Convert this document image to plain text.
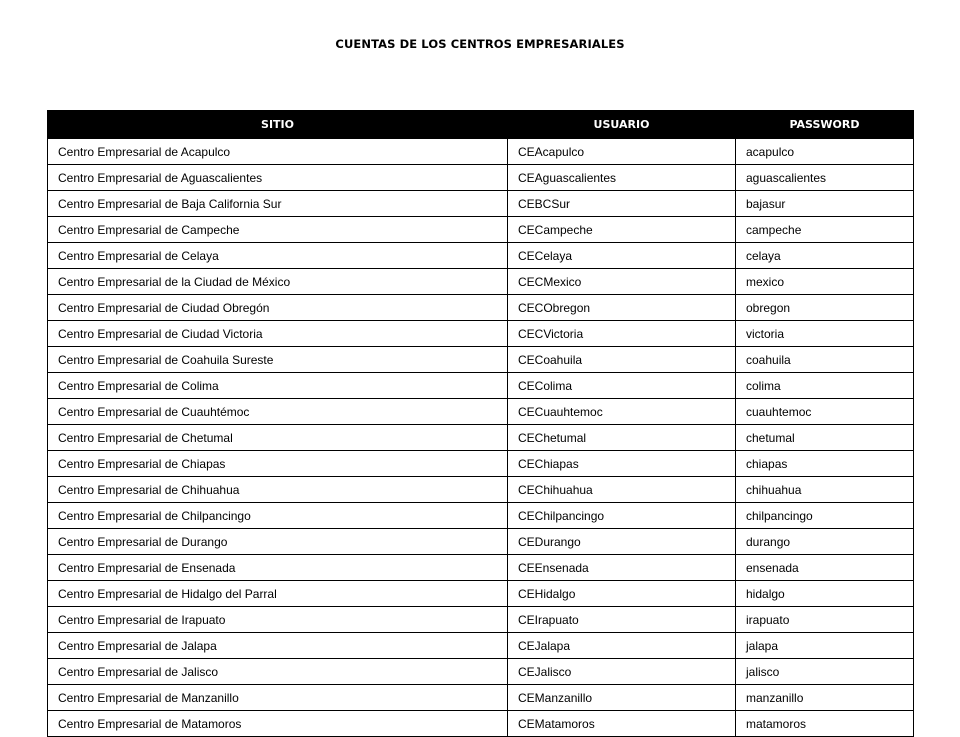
CUENTAS DE LOS CENTROS EMPRESARIALES
SITIO	USUARIO	PASSWORD
Centro Empresarial de Acapulco	CEAcapulco	acapulco
Centro Empresarial de Aguascalientes	CEAguascalientes	aguascalientes
Centro Empresarial de Baja California Sur	CEBCSur	bajasur
Centro Empresarial de Campeche	CECampeche	campeche
Centro Empresarial de Celaya	CECelaya	celaya
Centro Empresarial de la Ciudad de México	CECMexico	mexico
Centro Empresarial de Ciudad Obregón	CECObregon	obregon
Centro Empresarial de Ciudad Victoria	CECVictoria	victoria
Centro Empresarial de Coahuila Sureste	CECoahuila	coahuila
Centro Empresarial de Colima	CEColima	colima
Centro Empresarial de Cuauhtémoc	CECuauhtemoc	cuauhtemoc
Centro Empresarial de Chetumal	CEChetumal	chetumal
Centro Empresarial de Chiapas	CEChiapas	chiapas
Centro Empresarial de Chihuahua	CEChihuahua	chihuahua
Centro Empresarial de Chilpancingo	CEChilpancingo	chilpancingo
Centro Empresarial de Durango	CEDurango	durango
Centro Empresarial de Ensenada	CEEnsenada	ensenada
Centro Empresarial de Hidalgo del Parral	CEHidalgo	hidalgo
Centro Empresarial de Irapuato	CEIrapuato	irapuato
Centro Empresarial de Jalapa	CEJalapa	jalapa
Centro Empresarial de Jalisco	CEJalisco	jalisco
Centro Empresarial de Manzanillo	CEManzanillo	manzanillo
Centro Empresarial de Matamoros	CEMatamoros	matamoros
